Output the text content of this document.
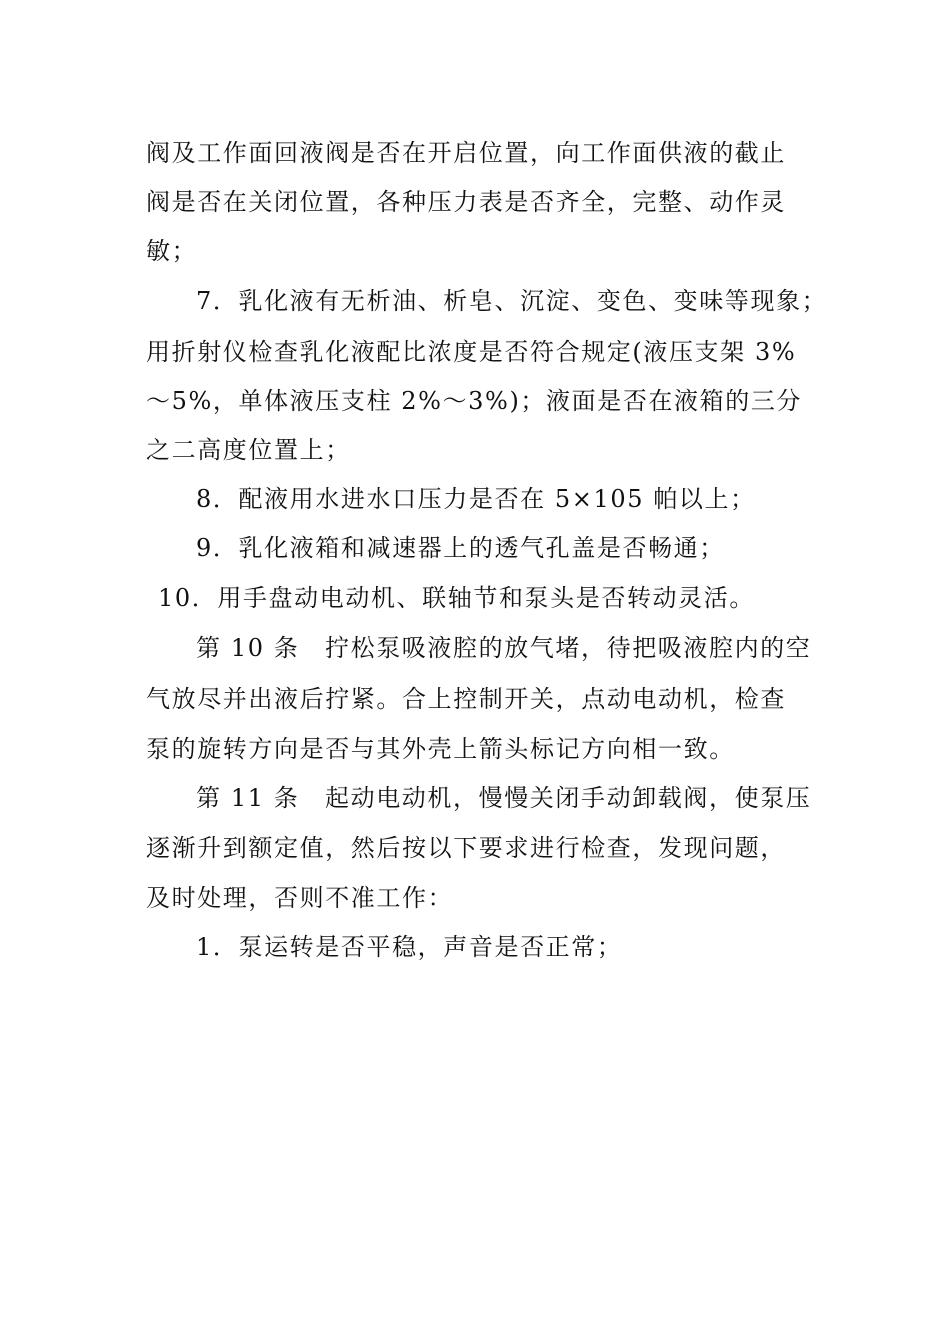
阀及工作面回液阀是否在开启位置，向工作面供液的截止
阀是否在关闭位置，各种压力表是否齐全，完整、动作灵
敏；
7．乳化液有无析油、析皂、沉淀、变色、变味等现象；
用折射仪检查乳化液配比浓度是否符合规定(液压支架 3%
～5%，单体液压支柱 2%～3%)；液面是否在液箱的三分
之二高度位置上；
8．配液用水进水口压力是否在 5×105 帕以上；
9．乳化液箱和减速器上的透气孔盖是否畅通；
10．用手盘动电动机、联轴节和泵头是否转动灵活。
第 10 条　拧松泵吸液腔的放气堵，待把吸液腔内的空
气放尽并出液后拧紧。合上控制开关，点动电动机，检查
泵的旋转方向是否与其外壳上箭头标记方向相一致。
第 11 条　起动电动机，慢慢关闭手动卸载阀，使泵压
逐渐升到额定值，然后按以下要求进行检查，发现问题，
及时处理，否则不准工作：
1．泵运转是否平稳，声音是否正常；
